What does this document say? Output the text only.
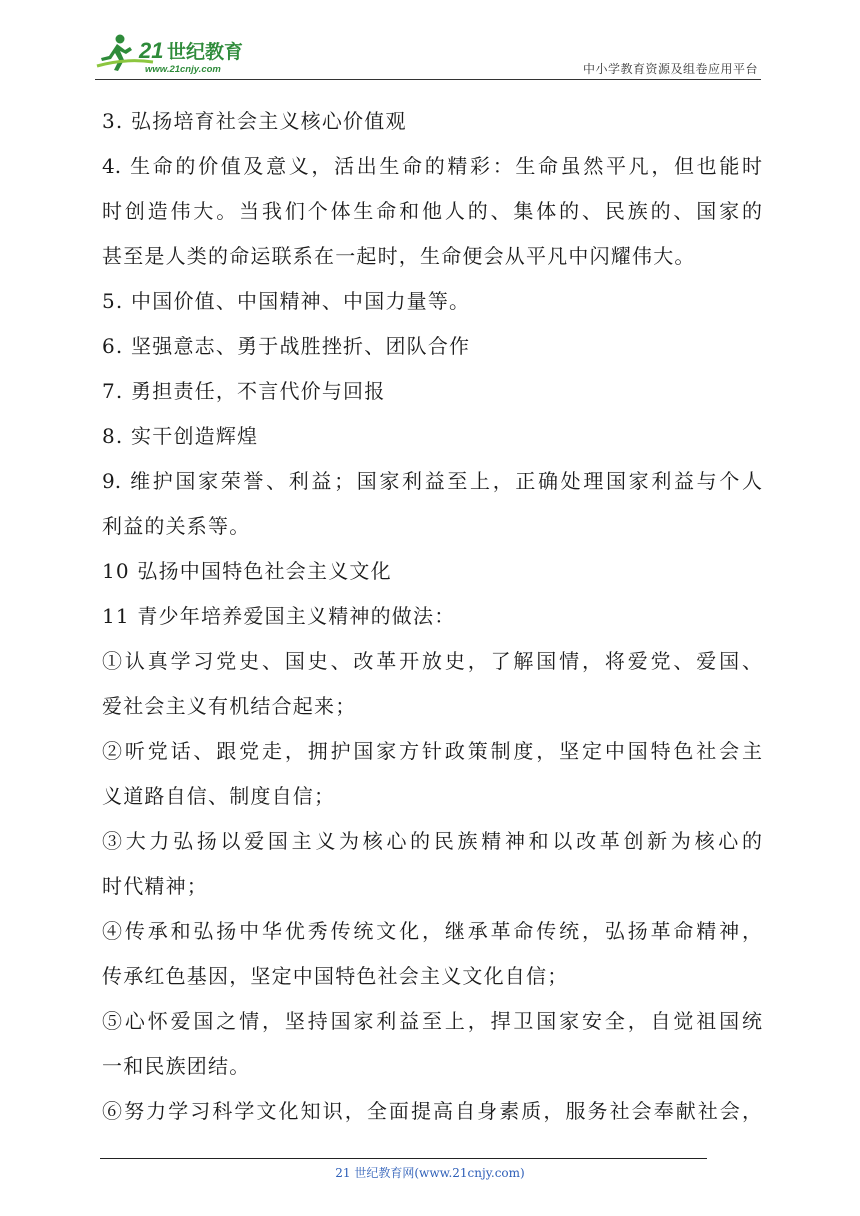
21 世纪教育
www.21cnjy.com	中小学教育资源及组卷应用平台
3. 弘扬培育社会主义核心价值观
4. 生命的价值及意义，活出生命的精彩：生命虽然平凡，但也能时
时创造伟大。当我们个体生命和他人的、集体的、民族的、国家的
甚至是人类的命运联系在一起时，生命便会从平凡中闪耀伟大。
5. 中国价值、中国精神、中国力量等。
6. 坚强意志、勇于战胜挫折、团队合作
7. 勇担责任，不言代价与回报
8. 实干创造辉煌
9. 维护国家荣誉、利益；国家利益至上，正确处理国家利益与个人
利益的关系等。
10 弘扬中国特色社会主义文化
11 青少年培养爱国主义精神的做法：
①认真学习党史、国史、改革开放史，了解国情，将爱党、爱国、
爱社会主义有机结合起来；
②听党话、跟党走，拥护国家方针政策制度，坚定中国特色社会主
义道路自信、制度自信；
③大力弘扬以爱国主义为核心的民族精神和以改革创新为核心的
时代精神；
④传承和弘扬中华优秀传统文化，继承革命传统，弘扬革命精神，
传承红色基因，坚定中国特色社会主义文化自信；
⑤心怀爱国之情，坚持国家利益至上，捍卫国家安全，自觉祖国统
一和民族团结。
⑥努力学习科学文化知识，全面提高自身素质，服务社会奉献社会，
21 世纪教育网(www.21cnjy.com)
